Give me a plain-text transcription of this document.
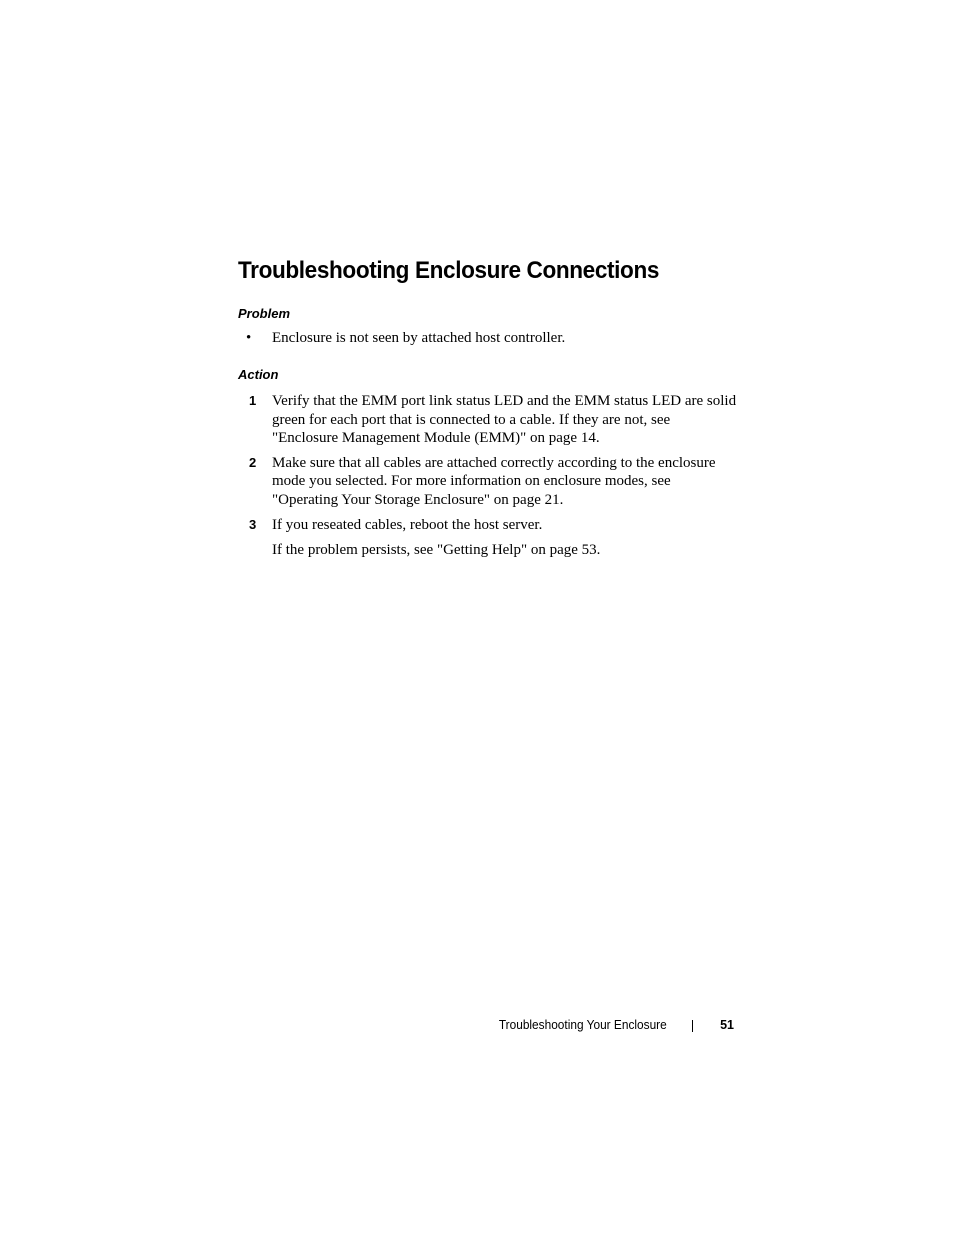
Troubleshooting Enclosure Connections
Problem
• Enclosure is not seen by attached host controller.
Action
1 Verify that the EMM port link status LED and the EMM status LED are solid green for each port that is connected to a cable. If they are not, see "Enclosure Management Module (EMM)" on page 14.
2 Make sure that all cables are attached correctly according to the enclosure mode you selected. For more information on enclosure modes, see "Operating Your Storage Enclosure" on page 21.
3 If you reseated cables, reboot the host server.

If the problem persists, see "Getting Help" on page 53.

Troubleshooting Your Enclosure	51
